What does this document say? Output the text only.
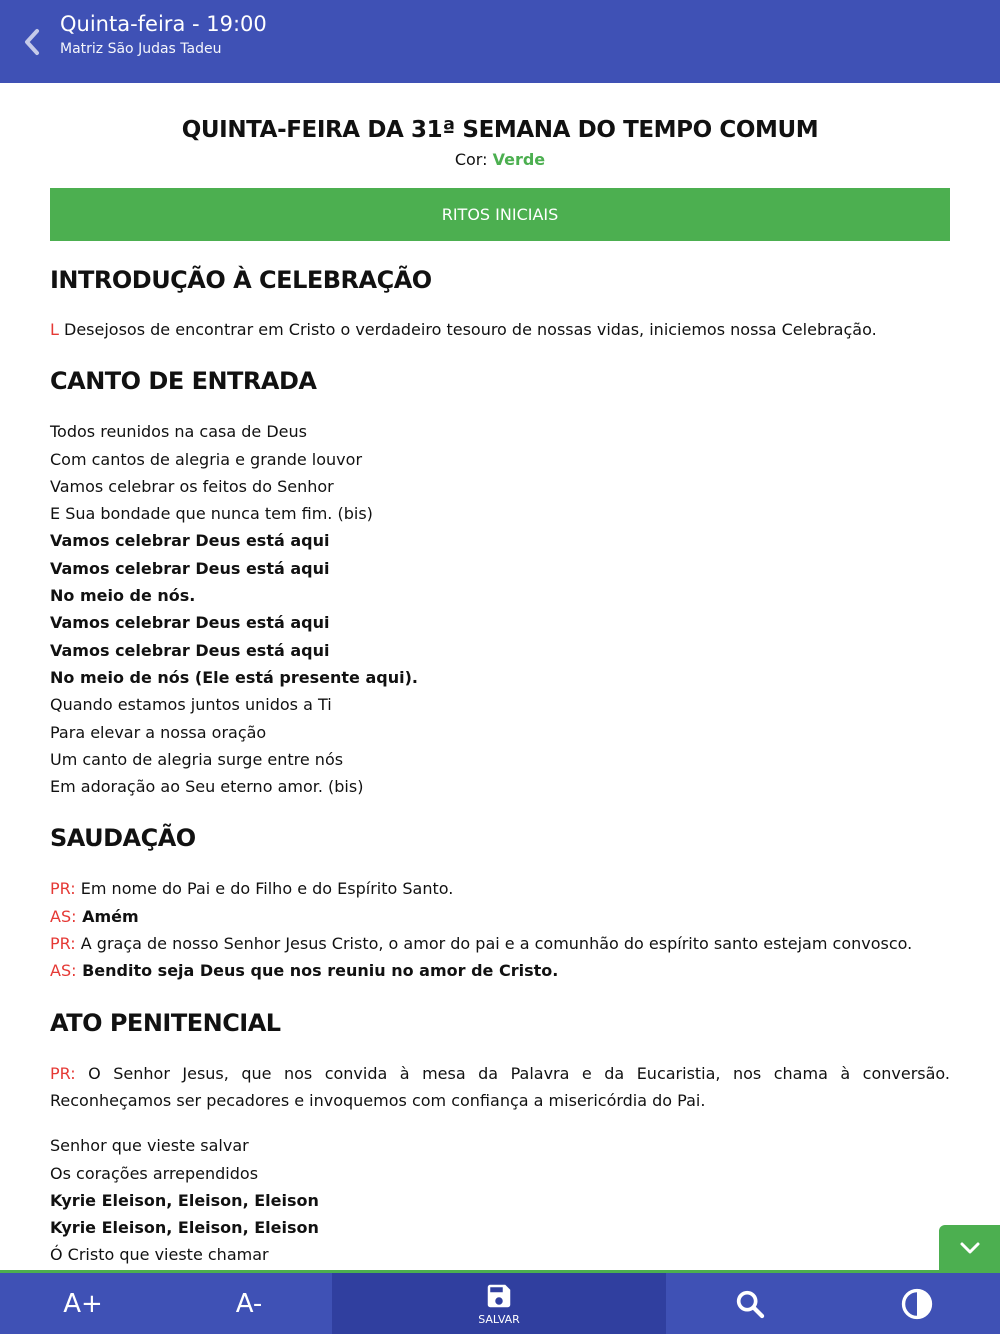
Quinta-feira - 19:00
Matriz São Judas Tadeu
QUINTA-FEIRA DA 31ª SEMANA DO TEMPO COMUM
Cor: Verde
RITOS INICIAIS
INTRODUÇÃO À CELEBRAÇÃO

L Desejosos de encontrar em Cristo o verdadeiro tesouro de nossas vidas, iniciemos nossa Celebração.

CANTO DE ENTRADA
Todos reunidos na casa de Deus
Com cantos de alegria e grande louvor
Vamos celebrar os feitos do Senhor
E Sua bondade que nunca tem fim. (bis)
Vamos celebrar Deus está aqui
Vamos celebrar Deus está aqui
No meio de nós.
Vamos celebrar Deus está aqui
Vamos celebrar Deus está aqui
No meio de nós (Ele está presente aqui).
Quando estamos juntos unidos a Ti
Para elevar a nossa oração
Um canto de alegria surge entre nós
Em adoração ao Seu eterno amor. (bis)
SAUDAÇÃO
PR: Em nome do Pai e do Filho e do Espírito Santo.
AS: Amém
PR: A graça de nosso Senhor Jesus Cristo, o amor do pai e a comunhão do espírito santo estejam convosco.
AS: Bendito seja Deus que nos reuniu no amor de Cristo.
ATO PENITENCIAL

PR: O Senhor Jesus, que nos convida à mesa da Palavra e da Eucaristia, nos chama à conversão. Reconheçamos ser pecadores e invoquemos com confiança a misericórdia do Pai.

Senhor que vieste salvar
Os corações arrependidos
Kyrie Eleison, Eleison, Eleison
Kyrie Eleison, Eleison, Eleison
Ó Cristo que vieste chamar
A+	A-
SALVAR
